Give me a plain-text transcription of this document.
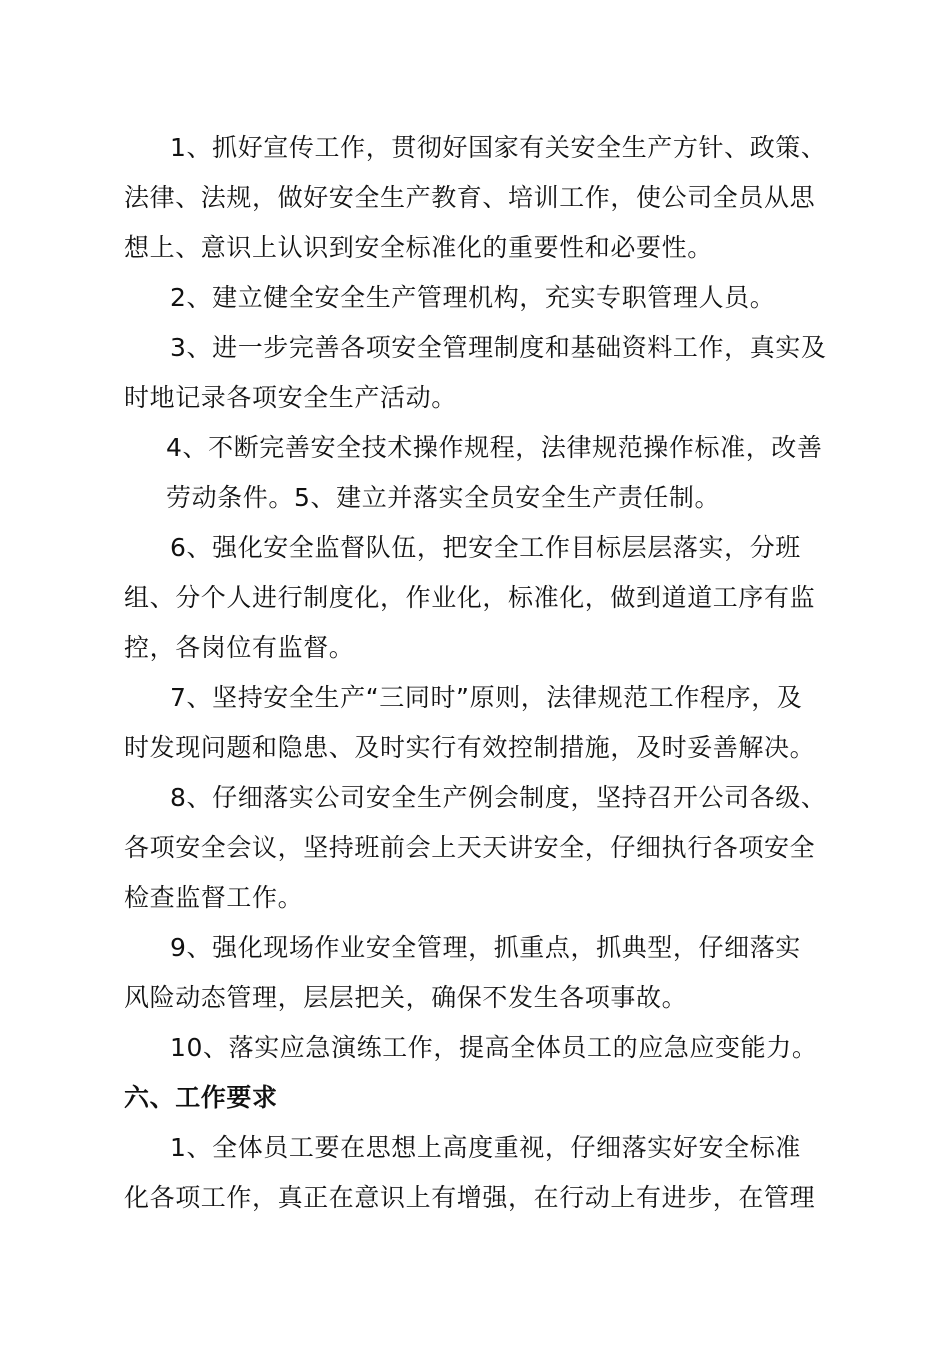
1、抓好宣传工作，贯彻好国家有关安全生产方针、政策、
法律、法规，做好安全生产教育、培训工作，使公司全员从思
想上、意识上认识到安全标准化的重要性和必要性。
2、建立健全安全生产管理机构，充实专职管理人员。
3、进一步完善各项安全管理制度和基础资料工作，真实及
时地记录各项安全生产活动。
4、不断完善安全技术操作规程，法律规范操作标准，改善
劳动条件。5、建立并落实全员安全生产责任制。
6、强化安全监督队伍，把安全工作目标层层落实，分班
组、分个人进行制度化，作业化，标准化，做到道道工序有监
控，各岗位有监督。
7、坚持安全生产“三同时”原则，法律规范工作程序，及
时发现问题和隐患、及时实行有效控制措施，及时妥善解决。
8、仔细落实公司安全生产例会制度，坚持召开公司各级、
各项安全会议，坚持班前会上天天讲安全，仔细执行各项安全
检查监督工作。
9、强化现场作业安全管理，抓重点，抓典型，仔细落实
风险动态管理，层层把关，确保不发生各项事故。
10、落实应急演练工作，提高全体员工的应急应变能力。
六、工作要求
1、全体员工要在思想上高度重视，仔细落实好安全标准
化各项工作，真正在意识上有增强，在行动上有进步，在管理
